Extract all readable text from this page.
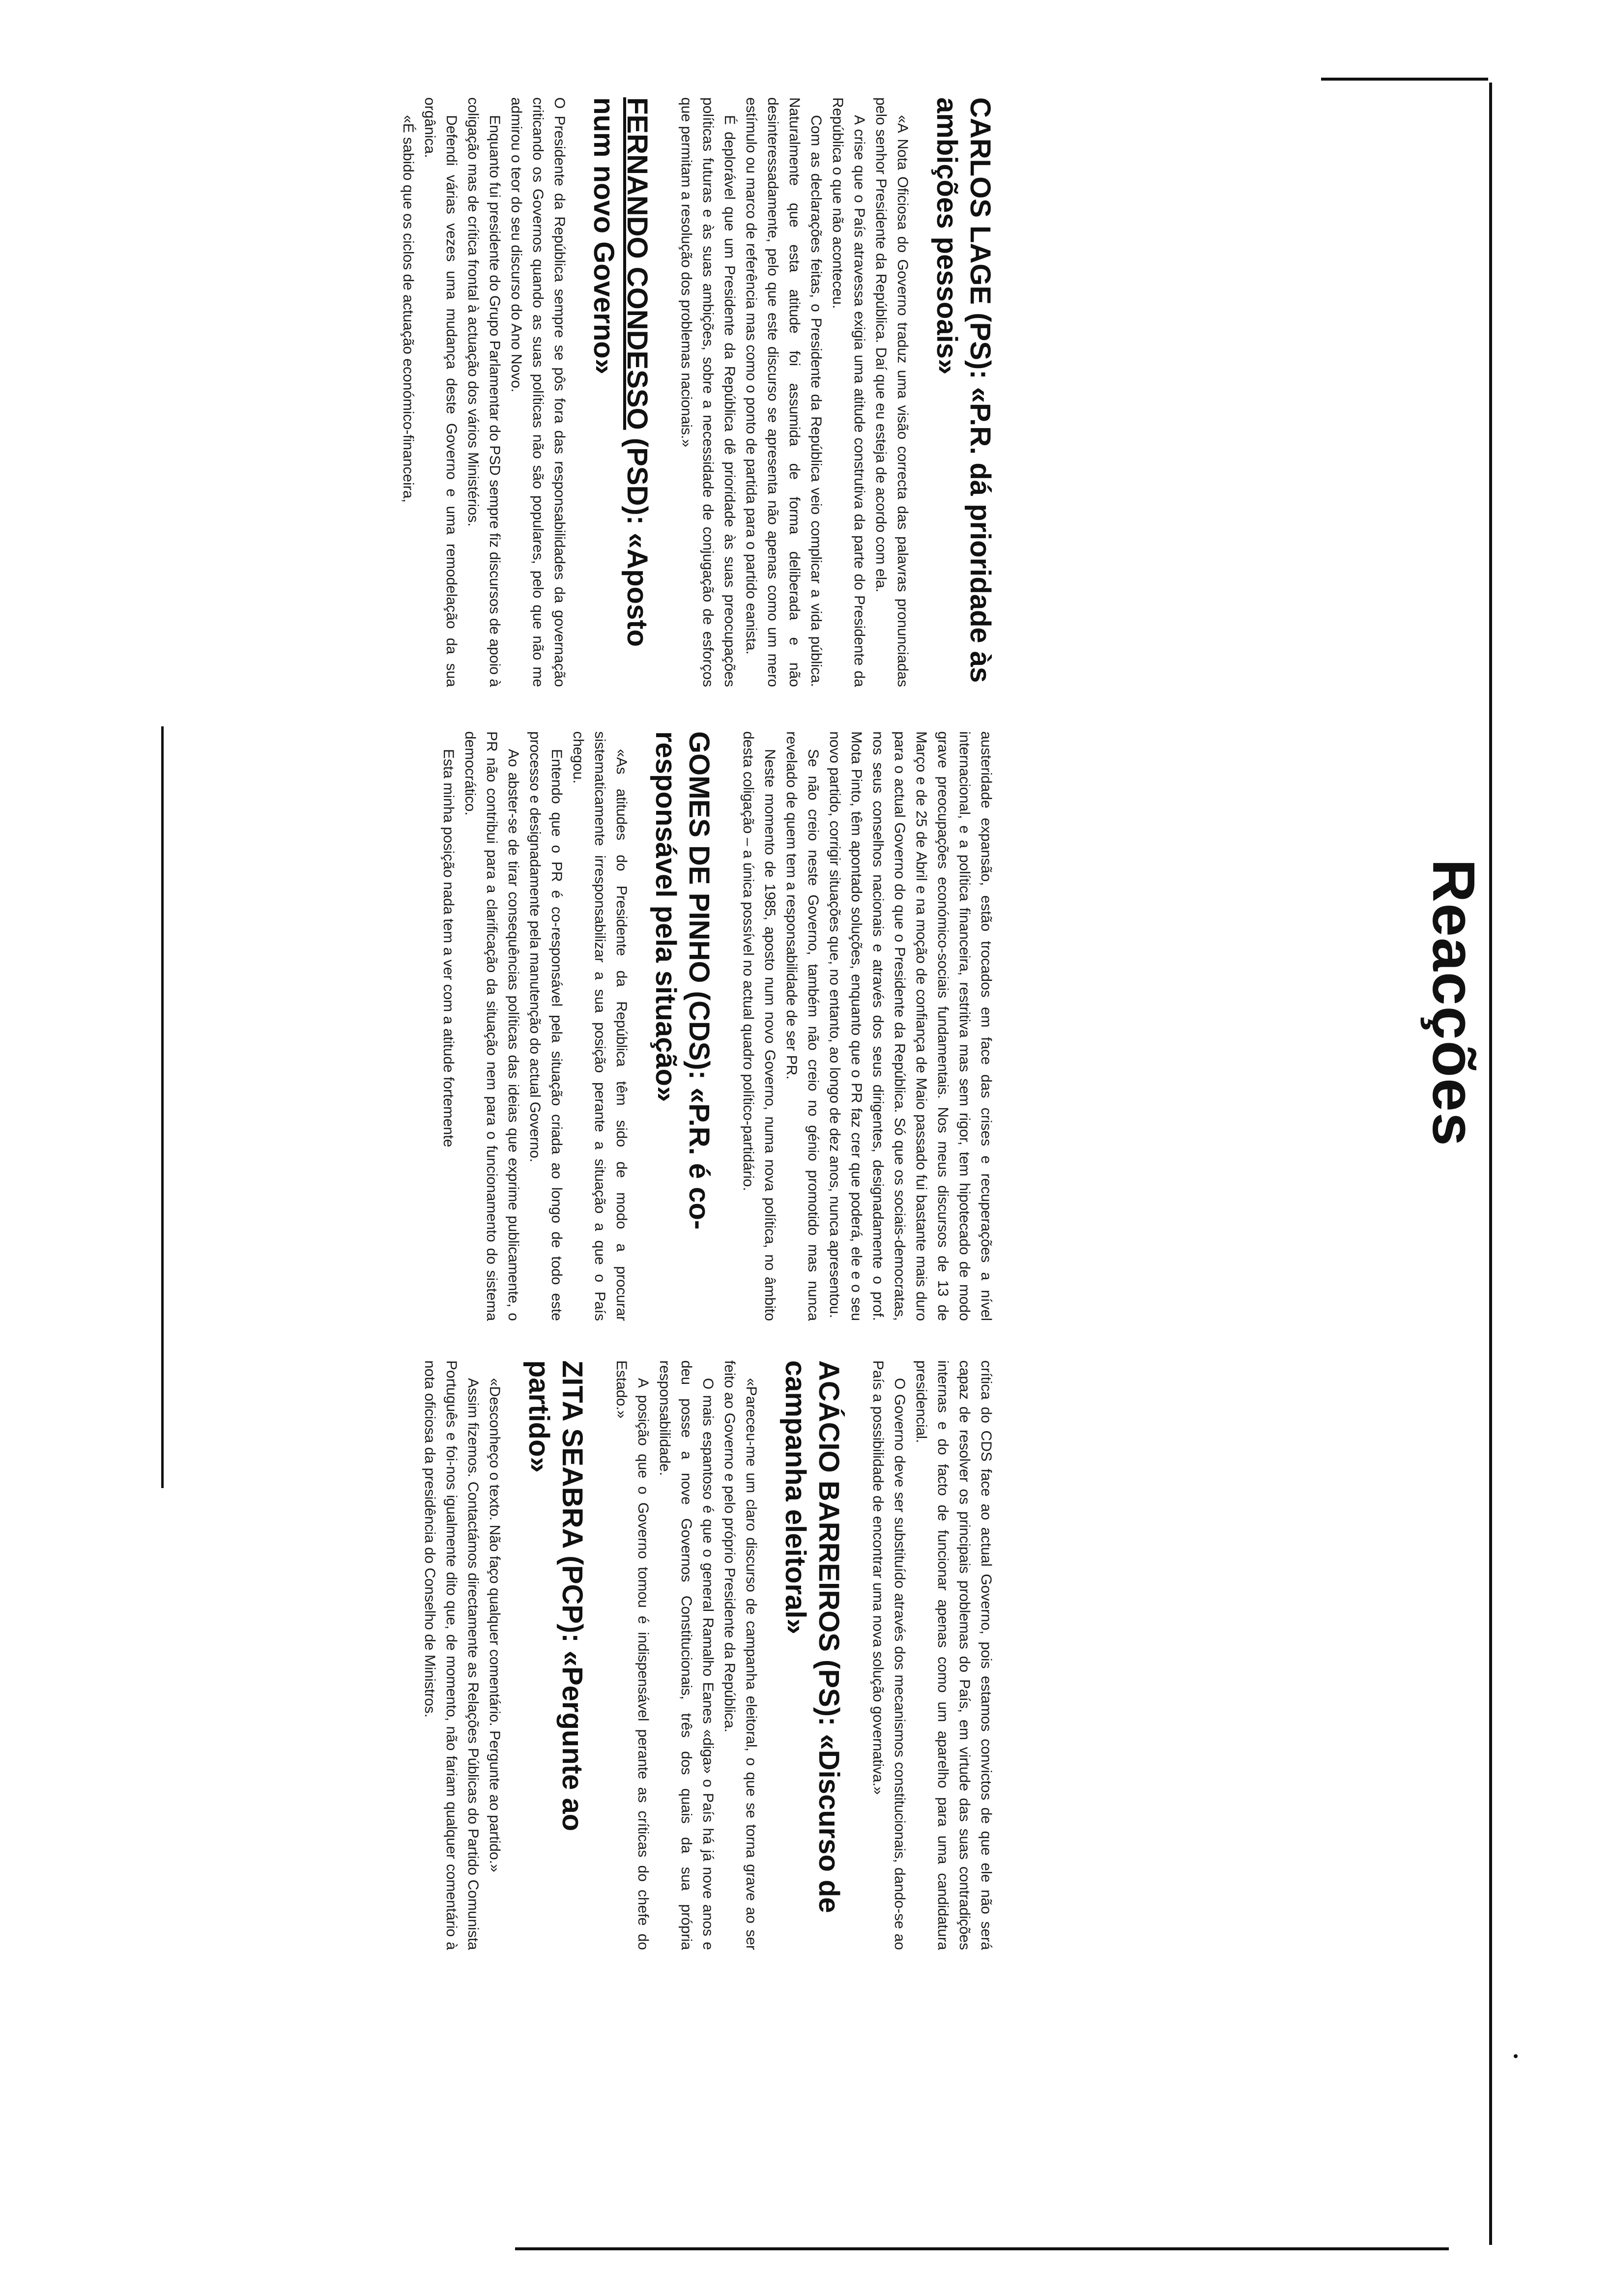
Reacções
CARLOS LAGE (PS): «P.R. dá prioridade às ambições pessoais»

«A Nota Oficiosa do Governo traduz uma visão correcta das palavras pronunciadas pelo senhor Presidente da República. Daí que eu esteja de acordo com ela.

A crise que o País atravessa exigia uma atitude construtiva da parte do Presidente da República o que não aconteceu.

Com as declarações feitas, o Presidente da República veio complicar a vida pública. Naturalmente que esta atitude foi assumida de forma deliberada e não desinteressadamente, pelo que este discurso se apresenta não apenas como um mero estímulo ou marco de referência mas como o ponto de partida para o partido eanista.

É deplorável que um Presidente da República dê prioridade às suas preocupações políticas futuras e às suas ambições, sobre a necessidade de conjugação de esforços que permitam a resolução dos problemas nacionais.»

FERNANDO CONDESSO (PSD): «Aposto num novo Governo»

O Presidente da República sempre se pôs fora das responsabilidades da governação criticando os Governos quando as suas políticas não são populares, pelo que não me admirou o teor do seu discurso do Ano Novo.

Enquanto fui presidente do Grupo Parlamentar do PSD sempre fiz discursos de apoio à coligação mas de crítica frontal à actuação dos vários Ministérios.

Defendi várias vezes uma mudança deste Governo e uma remodelação da sua orgânica.

«É sabido que os ciclos de actuação económico-financeira,

austeridade expansão, estão trocados em face das crises e recuperações a nível internacional, e a política financeira, restritiva mas sem rigor, tem hipotecado de modo grave preocupações económico-sociais fundamentais. Nos meus discursos de 13 de Março e de 25 de Abril e na moção de confiança de Maio passado fui bastante mais duro para o actual Governo do que o Presidente da República. Só que os sociais-democratas, nos seus conselhos nacionais e através dos seus dirigentes, designadamente o prof. Mota Pinto, têm apontado soluções, enquanto que o PR faz crer que poderá, ele e o seu novo partido, corrigir situações que, no entanto, ao longo de dez anos, nunca apresentou.

Se não creio neste Governo, também não creio no génio promotido mas nunca revelado de quem tem a responsabilidade de ser PR.

Neste momento de 1985, aposto num novo Governo, numa nova política, no âmbito desta coligação – a única possível no actual quadro político-partidário.

GOMES DE PINHO (CDS): «P.R. é co-responsável pela situação»

«As atitudes do Presidente da República têm sido de modo a procurar sistematicamente irresponsabilizar a sua posição perante a situação a que o País chegou.

Entendo que o PR é co-responsável pela situação criada ao longo de todo este processo e designadamente pela manutenção do actual Governo.

Ao abster-se de tirar consequências políticas das ideias que exprime publicamente, o PR não contribui para a clarificação da situação nem para o funcionamento do sistema democrático.

Esta minha posição nada tem a ver com a atitude fortemente

crítica do CDS face ao actual Governo, pois estamos convictos de que ele não será capaz de resolver os principais problemas do País, em virtude das suas contradições internas e do facto de funcionar apenas como um aparelho para uma candidatura presidencial.

O Governo deve ser substituído através dos mecanismos constitucionais, dando-se ao País a possibilidade de encontrar uma nova solução governativa.»

ACÁCIO BARREIROS (PS): «Discurso de campanha eleitoral»

«Pareceu-me um claro discurso de campanha eleitoral, o que se torna grave ao ser feito ao Governo e pelo próprio Presidente da República.

O mais espantoso é que o general Ramalho Eanes «diga» o País há já nove anos e deu posse a nove Governos Constitucionais, três dos quais da sua própria responsabilidade.

A posição que o Governo tomou é indispensável perante as críticas do chefe do Estado.»

ZITA SEABRA (PCP): «Pergunte ao partido»

«Desconheço o texto. Não faço qualquer comentário. Pergunte ao partido.»

Assim fizemos. Contactámos directamente as Relações Públicas do Partido Comunista Português e foi-nos igualmente dito que, de momento, não fariam qualquer comentário à nota oficiosa da presidência do Conselho de Ministros.
